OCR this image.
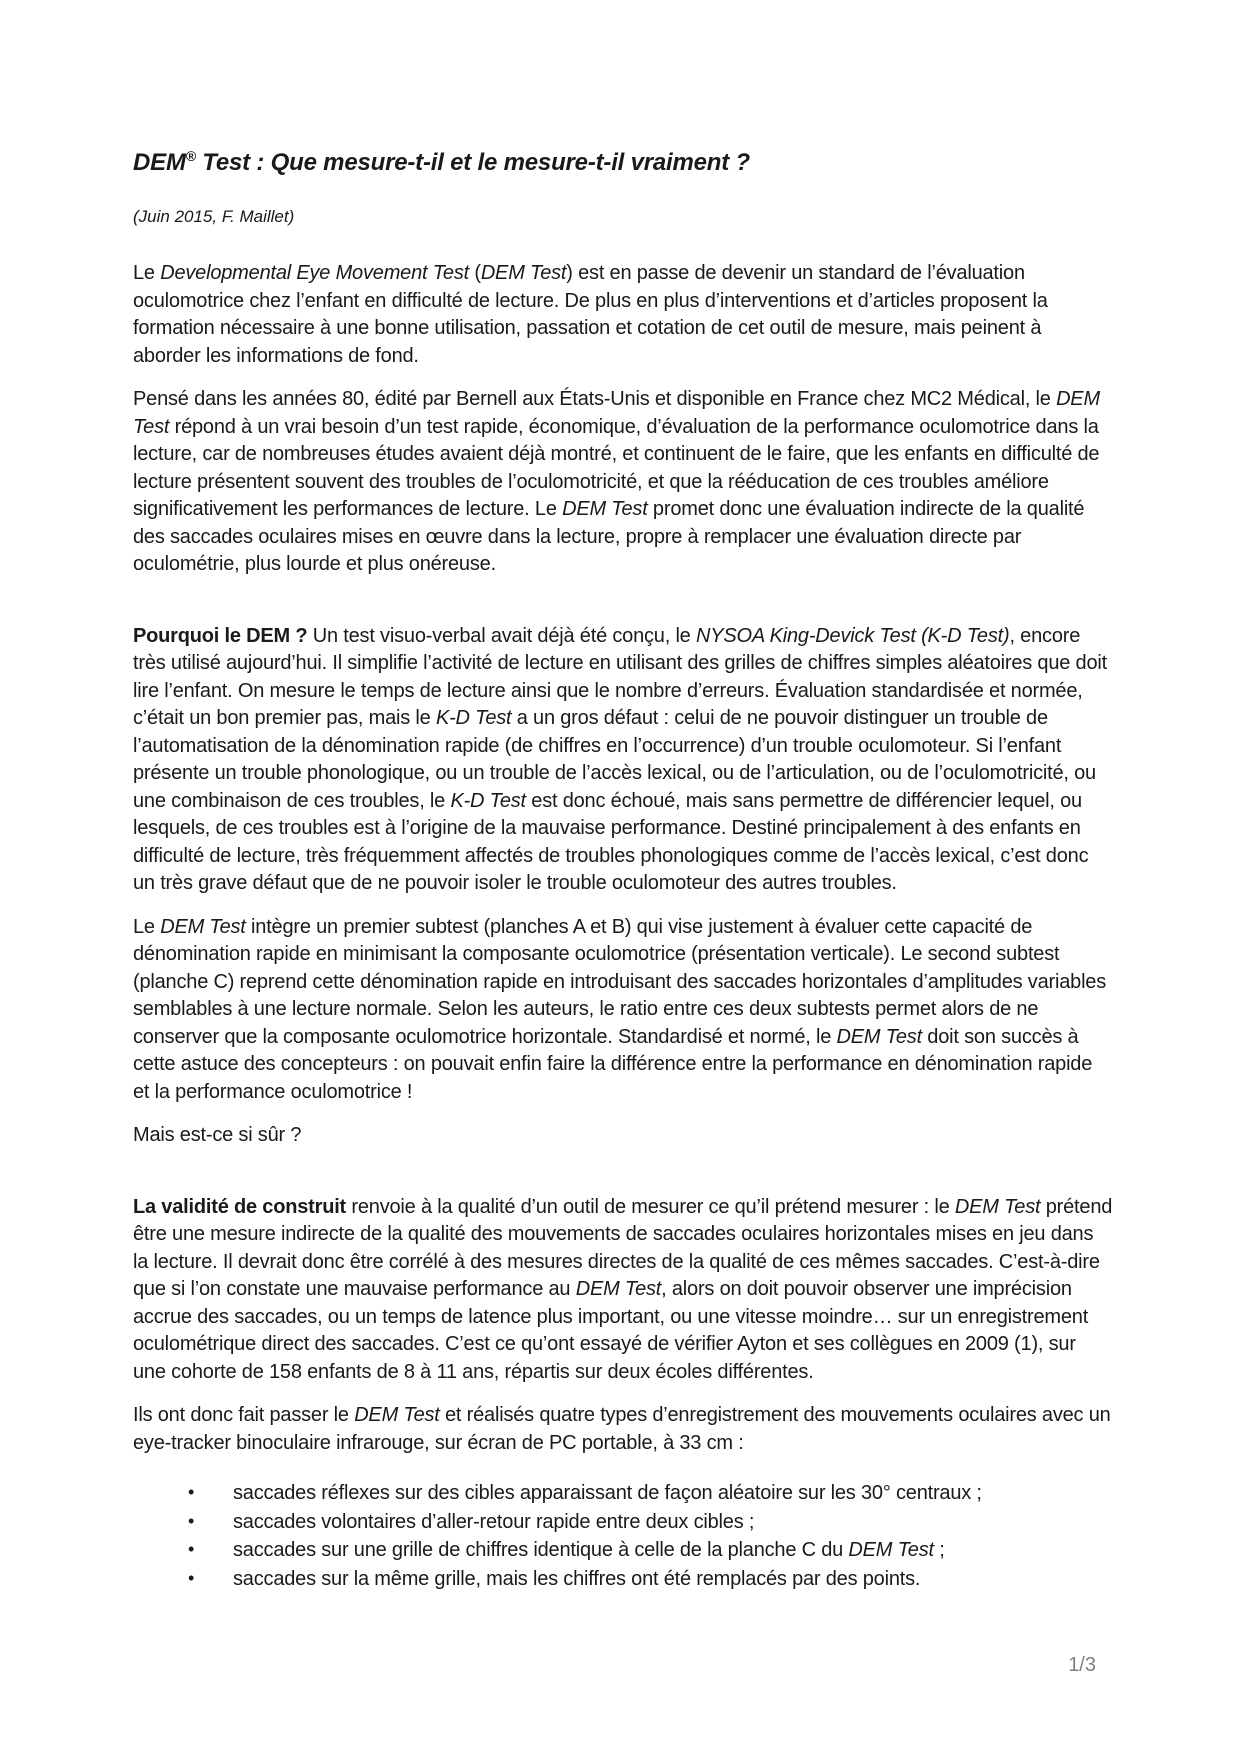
DEM® Test : Que mesure-t-il et le mesure-t-il vraiment ?
(Juin 2015, F. Maillet)

Le Developmental Eye Movement Test (DEM Test) est en passe de devenir un standard de l’évaluation oculomotrice chez l’enfant en difficulté de lecture. De plus en plus d’interventions et d’articles proposent la formation nécessaire à une bonne utilisation, passation et cotation de cet outil de mesure, mais peinent à aborder les informations de fond.

Pensé dans les années 80, édité par Bernell aux États-Unis et disponible en France chez MC2 Médical, le DEM Test répond à un vrai besoin d’un test rapide, économique, d’évaluation de la performance oculomotrice dans la lecture, car de nombreuses études avaient déjà montré, et continuent de le faire, que les enfants en difficulté de lecture présentent souvent des troubles de l’oculomotricité, et que la rééducation de ces troubles améliore significativement les performances de lecture. Le DEM Test promet donc une évaluation indirecte de la qualité des saccades oculaires mises en œuvre dans la lecture, propre à remplacer une évaluation directe par oculométrie, plus lourde et plus onéreuse.

Pourquoi le DEM ? Un test visuo-verbal avait déjà été conçu, le NYSOA King-Devick Test (K-D Test), encore très utilisé aujourd’hui. Il simplifie l’activité de lecture en utilisant des grilles de chiffres simples aléatoires que doit lire l’enfant. On mesure le temps de lecture ainsi que le nombre d’erreurs. Évaluation standardisée et normée, c’était un bon premier pas, mais le K-D Test a un gros défaut : celui de ne pouvoir distinguer un trouble de l’automatisation de la dénomination rapide (de chiffres en l’occurrence) d’un trouble oculomoteur. Si l’enfant présente un trouble phonologique, ou un trouble de l’accès lexical, ou de l’articulation, ou de l’oculomotricité, ou une combinaison de ces troubles, le K-D Test est donc échoué, mais sans permettre de différencier lequel, ou lesquels, de ces troubles est à l’origine de la mauvaise performance. Destiné principalement à des enfants en difficulté de lecture, très fréquemment affectés de troubles phonologiques comme de l’accès lexical, c’est donc un très grave défaut que de ne pouvoir isoler le trouble oculomoteur des autres troubles.

Le DEM Test intègre un premier subtest (planches A et B) qui vise justement à évaluer cette capacité de dénomination rapide en minimisant la composante oculomotrice (présentation verticale). Le second subtest (planche C) reprend cette dénomination rapide en introduisant des saccades horizontales d’amplitudes variables semblables à une lecture normale. Selon les auteurs, le ratio entre ces deux subtests permet alors de ne conserver que la composante oculomotrice horizontale. Standardisé et normé, le DEM Test doit son succès à cette astuce des concepteurs : on pouvait enfin faire la différence entre la performance en dénomination rapide et la performance oculomotrice !

Mais est-ce si sûr ?

La validité de construit renvoie à la qualité d’un outil de mesurer ce qu’il prétend mesurer : le DEM Test prétend être une mesure indirecte de la qualité des mouvements de saccades oculaires horizontales mises en jeu dans la lecture. Il devrait donc être corrélé à des mesures directes de la qualité de ces mêmes saccades. C’est-à-dire que si l’on constate une mauvaise performance au DEM Test, alors on doit pouvoir observer une imprécision accrue des saccades, ou un temps de latence plus important, ou une vitesse moindre… sur un enregistrement oculométrique direct des saccades. C’est ce qu’ont essayé de vérifier Ayton et ses collègues en 2009 (1), sur une cohorte de 158 enfants de 8 à 11 ans, répartis sur deux écoles différentes.

Ils ont donc fait passer le DEM Test et réalisés quatre types d’enregistrement des mouvements oculaires avec un eye-tracker binoculaire infrarouge, sur écran de PC portable, à 33 cm :

• saccades réflexes sur des cibles apparaissant de façon aléatoire sur les 30° centraux ;
• saccades volontaires d’aller-retour rapide entre deux cibles ;
• saccades sur une grille de chiffres identique à celle de la planche C du DEM Test ;
• saccades sur la même grille, mais les chiffres ont été remplacés par des points.
1/3
